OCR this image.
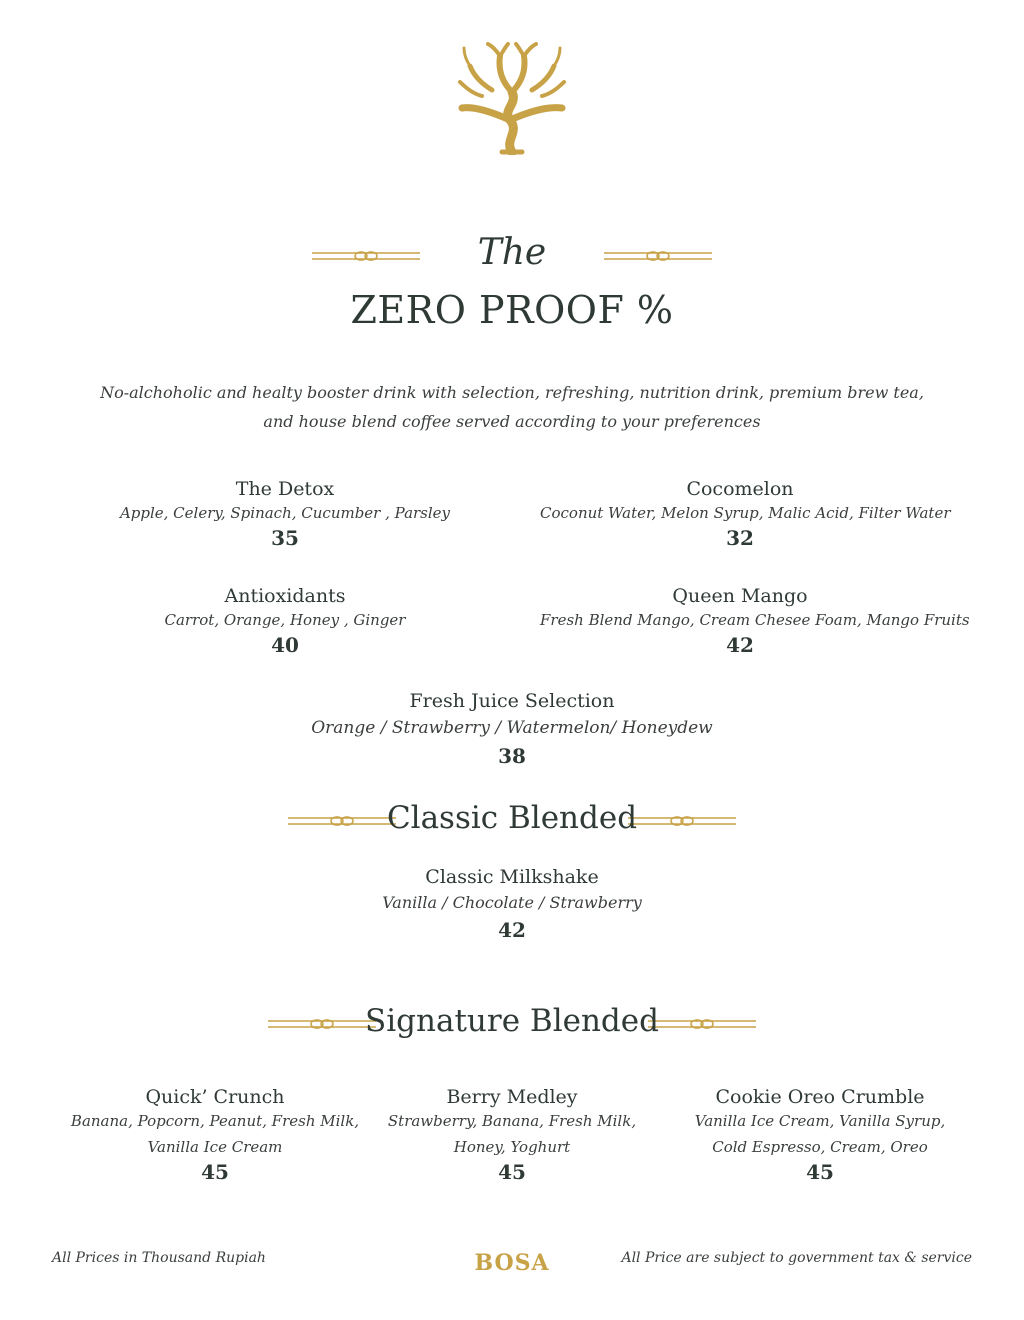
The
ZERO PROOF %
No-alchoholic and healty booster drink with selection, refreshing, nutrition drink, premium brew tea,
and house blend coffee served according to your preferences
The Detox
Apple, Celery, Spinach, Cucumber , Parsley
35
Cocomelon
Coconut Water, Melon Syrup, Malic Acid, Filter Water
32
Antioxidants
Carrot, Orange, Honey , Ginger
40
Queen Mango
Fresh Blend Mango, Cream Chesee Foam, Mango Fruits
42
Fresh Juice Selection
Orange / Strawberry / Watermelon/ Honeydew
38
Classic Blended
Classic Milkshake
Vanilla / Chocolate / Strawberry
42
Signature Blended
Quick’ Crunch
Banana, Popcorn, Peanut, Fresh Milk,
Vanilla Ice Cream
45
Berry Medley
Strawberry, Banana, Fresh Milk,
Honey, Yoghurt
45
Cookie Oreo Crumble
Vanilla Ice Cream, Vanilla Syrup,
Cold Espresso, Cream, Oreo
45
All Prices in Thousand Rupiah	BOSA	All Price are subject to government tax & service
